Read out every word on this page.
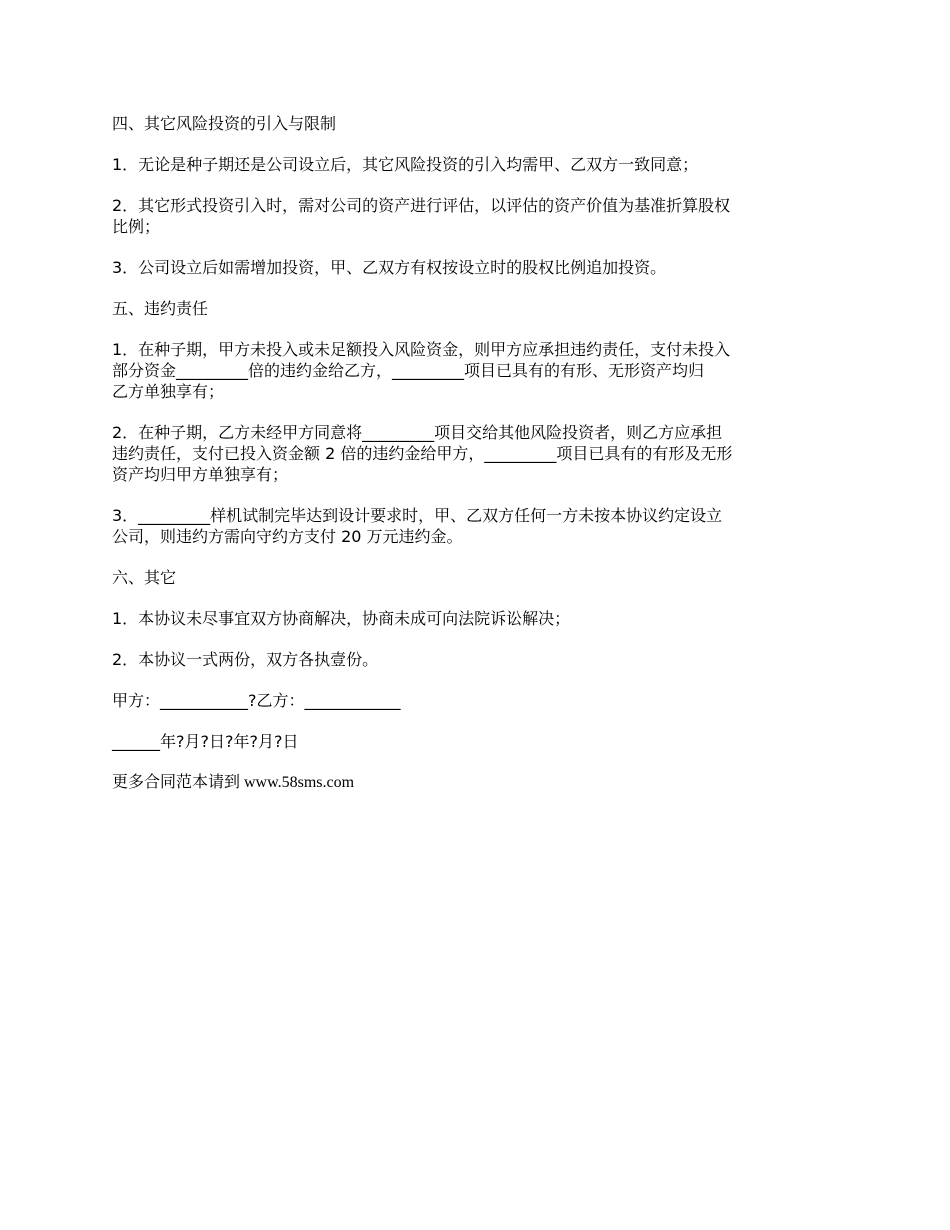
四、其它风险投资的引入与限制

1．无论是种子期还是公司设立后，其它风险投资的引入均需甲、乙双方一致同意；

2．其它形式投资引入时，需对公司的资产进行评估，以评估的资产价值为基准折算股权
比例；

3．公司设立后如需增加投资，甲、乙双方有权按设立时的股权比例追加投资。

五、违约责任

1．在种子期，甲方未投入或未足额投入风险资金，则甲方应承担违约责任，支付未投入
部分资金_________倍的违约金给乙方，_________项目已具有的有形、无形资产均归
乙方单独享有；

2．在种子期，乙方未经甲方同意将_________项目交给其他风险投资者，则乙方应承担
违约责任，支付已投入资金额 2 倍的违约金给甲方，_________项目已具有的有形及无形
资产均归甲方单独享有；

3．_________样机试制完毕达到设计要求时，甲、乙双方任何一方未按本协议约定设立
公司，则违约方需向守约方支付 20 万元违约金。

六、其它

1．本协议未尽事宜双方协商解决，协商未成可向法院诉讼解决；

2．本协议一式两份，双方各执壹份。

甲方：___________?乙方：____________

______年?月?日?年?月?日

更多合同范本请到 www.58sms.com
